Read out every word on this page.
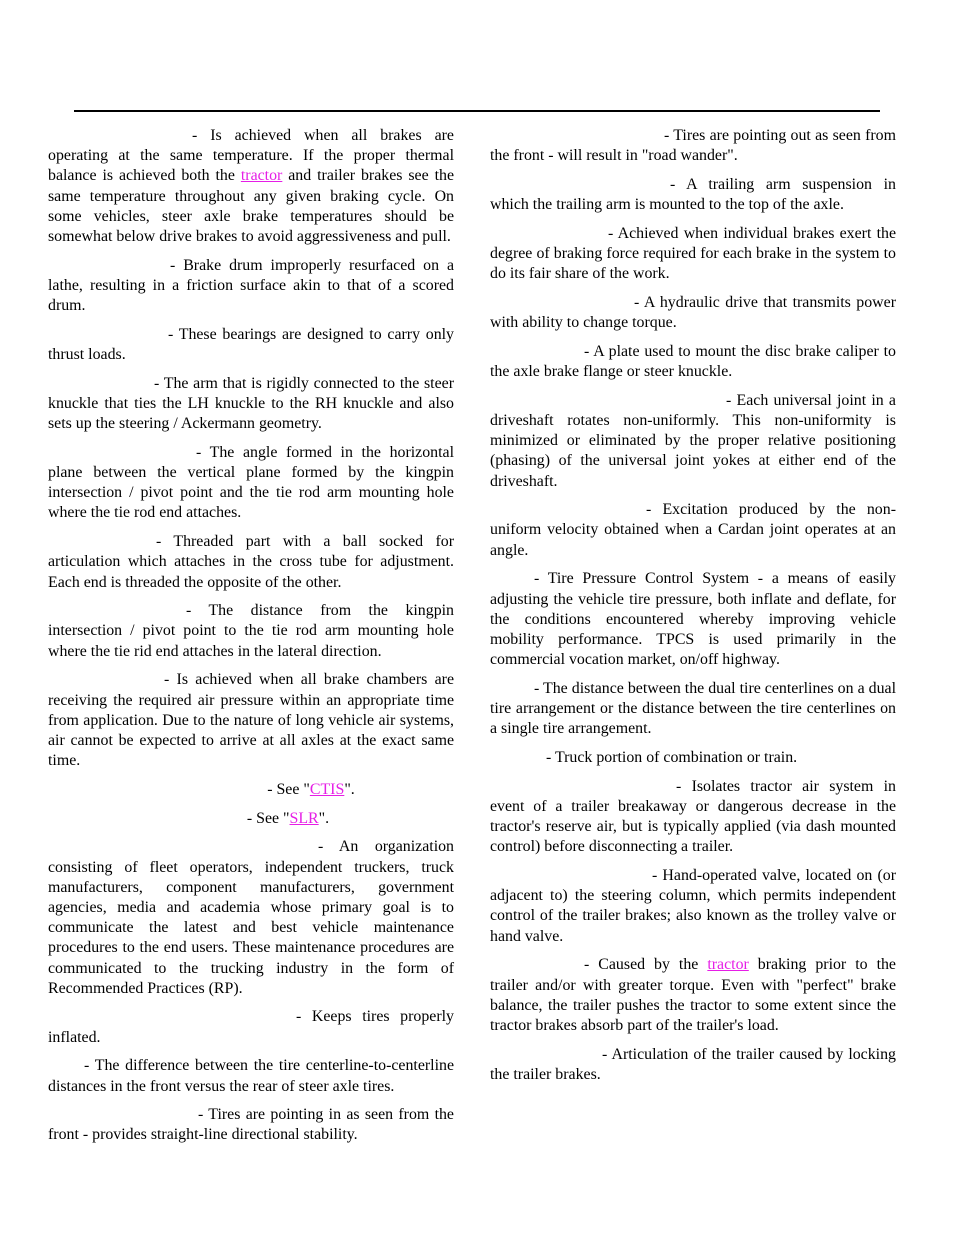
- Is achieved when all brakes are operating at the same temperature. If the proper thermal balance is achieved both the tractor and trailer brakes see the same temperature throughout any given braking cycle. On some vehicles, steer axle brake temperatures should be somewhat below drive brakes to avoid aggressiveness and pull.

- Brake drum improperly resurfaced on a lathe, resulting in a friction surface akin to that of a scored drum.

- These bearings are designed to carry only thrust loads.

- The arm that is rigidly connected to the steer knuckle that ties the LH knuckle to the RH knuckle and also sets up the steering / Ackermann geometry.

- The angle formed in the horizontal plane between the vertical plane formed by the kingpin intersection / pivot point and the tie rod arm mounting hole where the tie rod end attaches.

- Threaded part with a ball socked for articulation which attaches in the cross tube for adjustment. Each end is threaded the opposite of the other.

- The distance from the kingpin intersection / pivot point to the tie rod arm mounting hole where the tie rid end attaches in the lateral direction.

- Is achieved when all brake chambers are receiving the required air pressure within an appropriate time from application. Due to the nature of long vehicle air systems, air cannot be expected to arrive at all axles at the exact same time.

- See "CTIS".

- See "SLR".

- An organization consisting of fleet operators, independent truckers, truck manufacturers, component manufacturers, government agencies, media and academia whose primary goal is to communicate the latest and best vehicle maintenance procedures to the end users. These maintenance procedures are communicated to the trucking industry in the form of Recommended Practices (RP).

- Keeps tires properly inflated.

- The difference between the tire centerline-to-centerline distances in the front versus the rear of steer axle tires.

- Tires are pointing in as seen from the front - provides straight-line directional stability.

- Tires are pointing out as seen from the front - will result in "road wander".

- A trailing arm suspension in which the trailing arm is mounted to the top of the axle.

- Achieved when individual brakes exert the degree of braking force required for each brake in the system to do its fair share of the work.

- A hydraulic drive that transmits power with ability to change torque.

- A plate used to mount the disc brake caliper to the axle brake flange or steer knuckle.

- Each universal joint in a driveshaft rotates non-uniformly. This non-uniformity is minimized or eliminated by the proper relative positioning (phasing) of the universal joint yokes at either end of the driveshaft.

- Excitation produced by the non-uniform velocity obtained when a Cardan joint operates at an angle.

- Tire Pressure Control System - a means of easily adjusting the vehicle tire pressure, both inflate and deflate, for the conditions encountered whereby improving vehicle mobility performance. TPCS is used primarily in the commercial vocation market, on/off highway.

- The distance between the dual tire centerlines on a dual tire arrangement or the distance between the tire centerlines on a single tire arrangement.

- Truck portion of combination or train.

- Isolates tractor air system in event of a trailer breakaway or dangerous decrease in the tractor's reserve air, but is typically applied (via dash mounted control) before disconnecting a trailer.

- Hand-operated valve, located on (or adjacent to) the steering column, which permits independent control of the trailer brakes; also known as the trolley valve or hand valve.

- Caused by the tractor braking prior to the trailer and/or with greater torque. Even with "perfect" brake balance, the trailer pushes the tractor to some extent since the tractor brakes absorb part of the trailer's load.

- Articulation of the trailer caused by locking the trailer brakes.
